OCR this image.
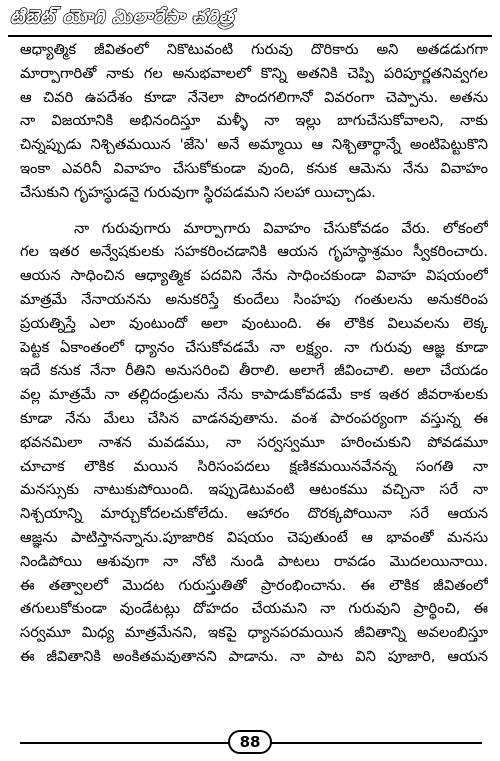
టిబెట్ యోగి మిలారేపా చరిత్ర
ఆధ్యాత్మిక జీవితంలో నికొటువంటి గురువు దొరికారు అని అతడడుగగా
మార్పాగారితో నాకు గల అనుభవాలలో కొన్ని అతనికి చెప్పి పరిపూర్ణతనివ్వగల
ఆ చివరి ఉపదేశం కూడా నేనెలా పొందగలిగానో వివరంగా చెప్పాను. అతను
నా విజయానికి అభినందిస్తూ మళ్ళీ నా ఇల్లు బాగుచేసుకోవాలని, నాకు
చిన్నప్పుడు నిశ్చితమయిన 'జేసె' అనే అమ్మాయి ఆ నిశ్చితార్థాన్నే అంటిపెట్టుకొని
ఇంకా ఎవరినీ వివాహం చేసుకోకుండా వుంది, కనుక ఆమెను నేను వివాహం
చేసుకుని గృహస్థుడనై గురువుగా స్థిరపడమని సలహా యిచ్చాడు.
నా గురువుగారు మార్పాగారు వివాహం చేసుకోవడం వేరు. లోకంలో
గల ఇతర అన్వేషకులకు సహకరించడానికి ఆయన గృహస్థాశ్రమం స్వీకరించారు.
ఆయన సాధించిన ఆధ్యాత్మిక పదవిని నేను సాధించకుండా వివాహ విషయంలో
మాత్రమే నేనాయనను అనుకరిస్తే కుందేలు సింహపు గంతులను అనుకరింప
ప్రయత్నిస్తే ఎలా వుంటుందో అలా వుంటుంది. ఈ లౌకిక విలువలను లెక్క
పెట్టక ఏకాంతంలో ధ్యానం చేసుకోవడమే నా లక్ష్యం. నా గురువు ఆజ్ఞ కూడా
ఇదే కనుక నేనా రీతిని అనుసరించి తీరాలి. అలాగే జీవించాలి. అలా చేయడం
వల్ల మాత్రమే నా తల్లిదండ్రులను నేను కాపాడుకోవడమే కాక ఇతర జీవరాశులకు
కూడా నేను మేలు చేసిన వాడనవుతాను. వంశ పారంపర్యంగా వస్తున్న ఈ
భవనమిలా నాశన మవడము, నా సర్వస్వమూ హరించుకుని పోవడమూ
చూచాక లౌకిక మయిన సిరిసంపదలు క్షణికమయినవేనన్న సంగతి నా
మనస్సుకు నాటుకుపోయింది. ఇప్పుడెటువంటి ఆటంకము వచ్చినా సరే నా
నిశ్చయాన్ని మార్చుకోదలచుకోలేదు. ఆహారం దొరక్కపోయినా సరే ఆయన
ఆజ్ఞను పాటిస్తానన్నాను.పూజారిక విషయం చెపుతుంటే ఆ భావంతో మనసు
నిండిపోయి ఆశువుగా నా నోటి నుండి పాటలు రావడం మొదలయినాయి.
ఈ తత్వాలలో మొదట గురుస్తుతితో ప్రారంభించాను. ఈ లౌకిక జీవితంలో
తగులుకోకుండా వుండేటట్లు దోహదం చేయమని నా గురువుని ప్రార్థించి, ఈ
సర్వమూ మిధ్య మాత్రమేనని, ఇకపై ధ్యానపరమయిన జీవితాన్ని అవలంబిస్తూ
ఈ జీవితానికి అంకితమవుతానని పాడాను. నా పాట విని పూజారి, ఆయన
88
